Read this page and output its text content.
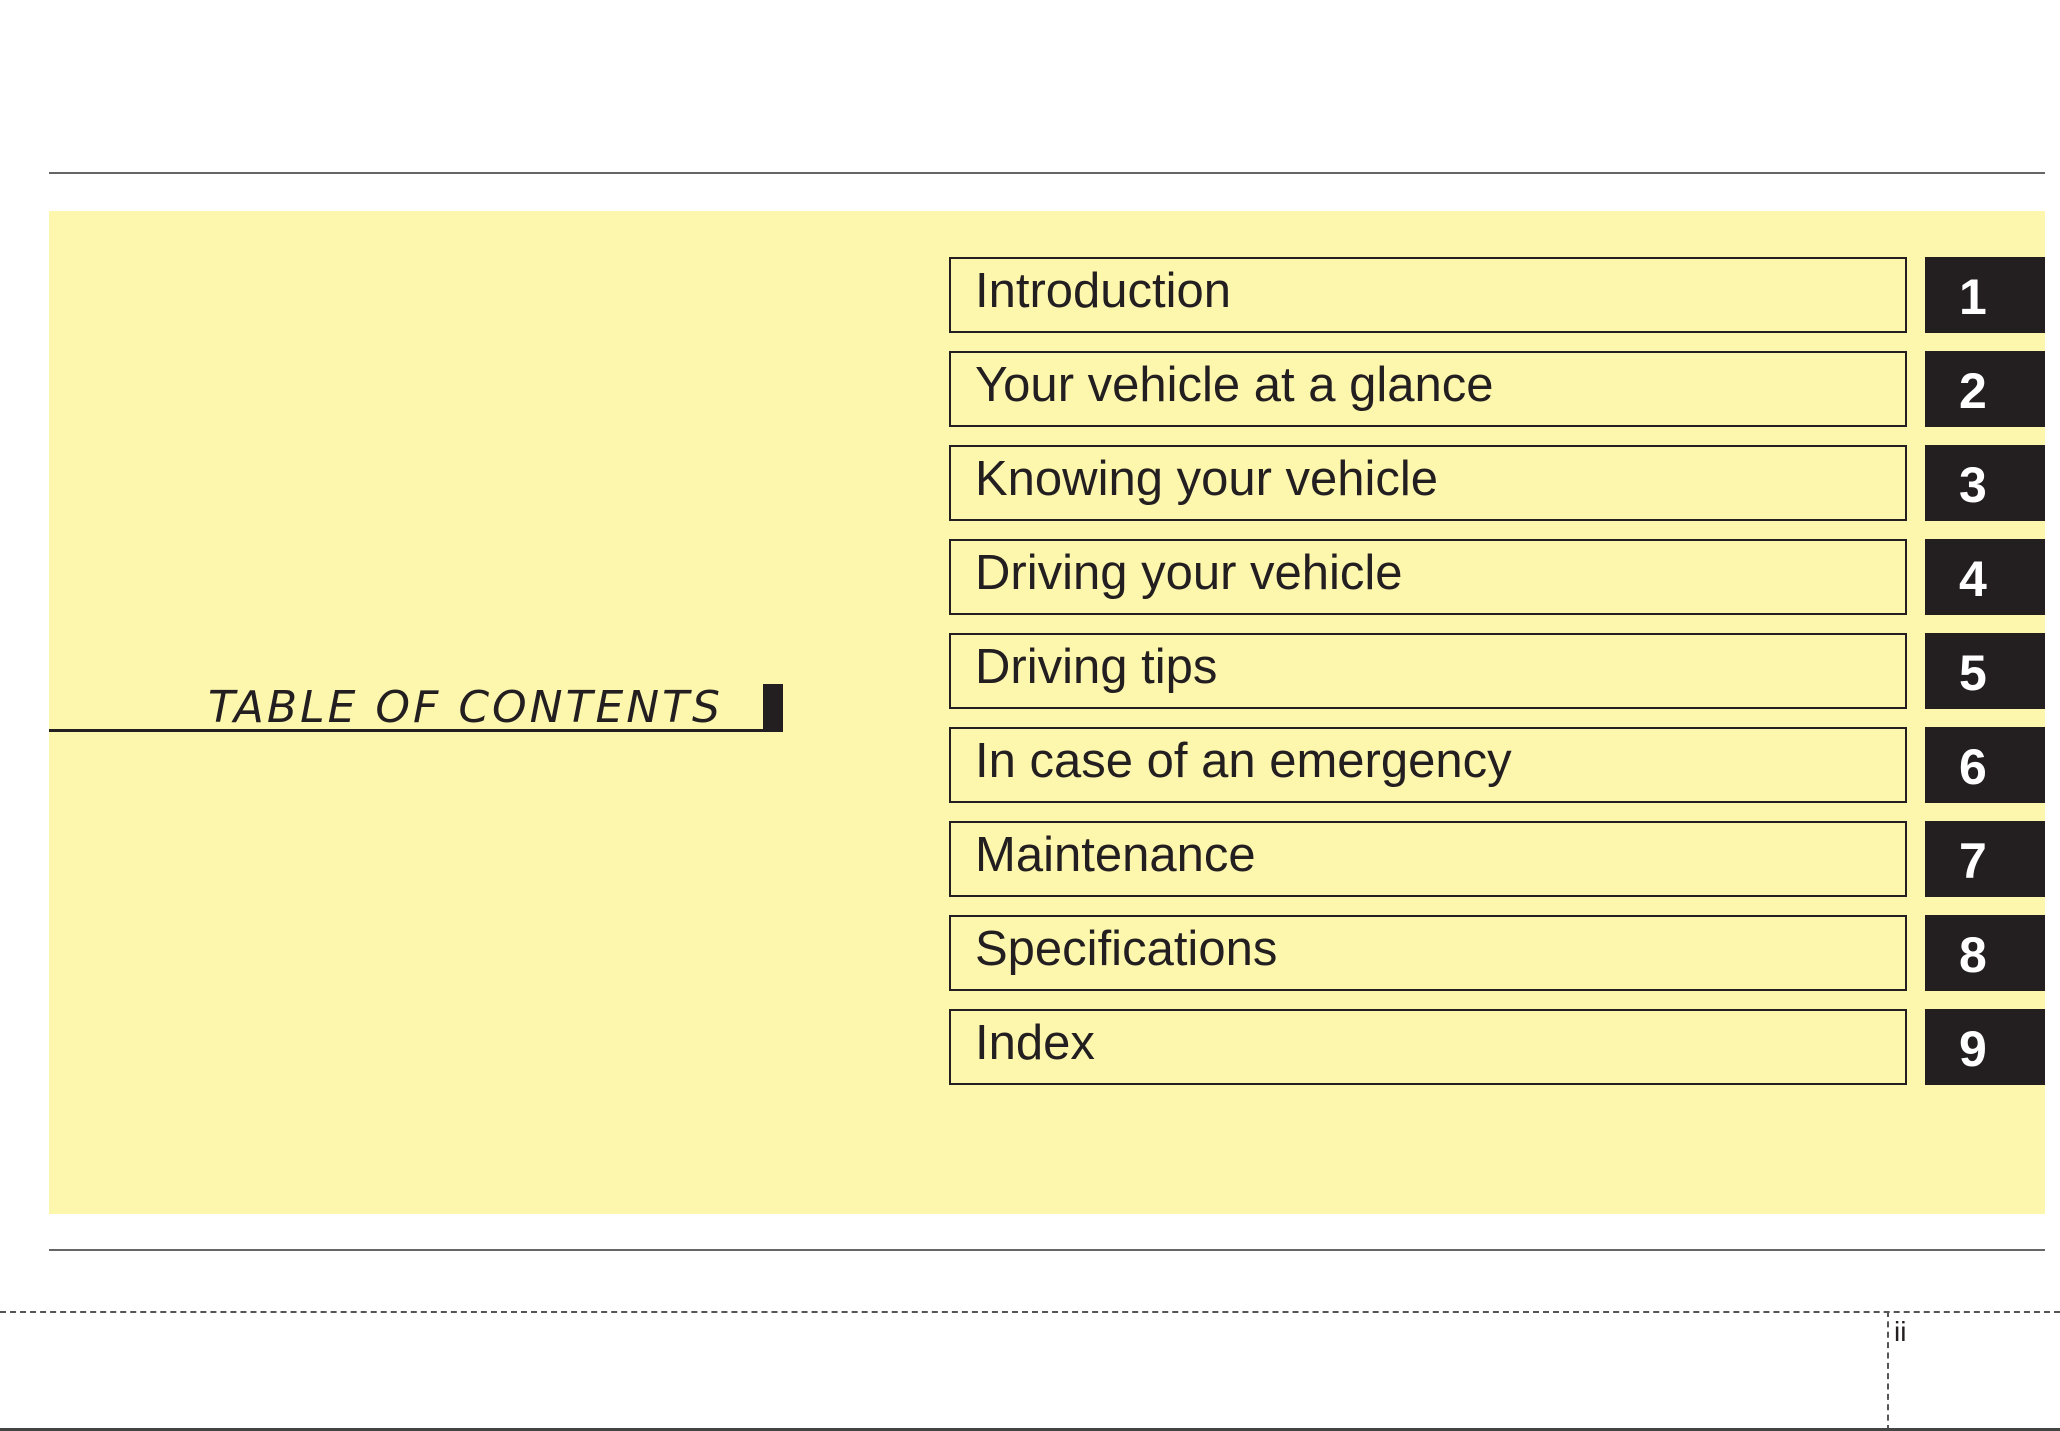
TABLE OF CONTENTS
Introduction	1
Your vehicle at a glance	2
Knowing your vehicle	3
Driving your vehicle	4
Driving tips	5
In case of an emergency	6
Maintenance	7
Specifications	8
Index	9
ii
